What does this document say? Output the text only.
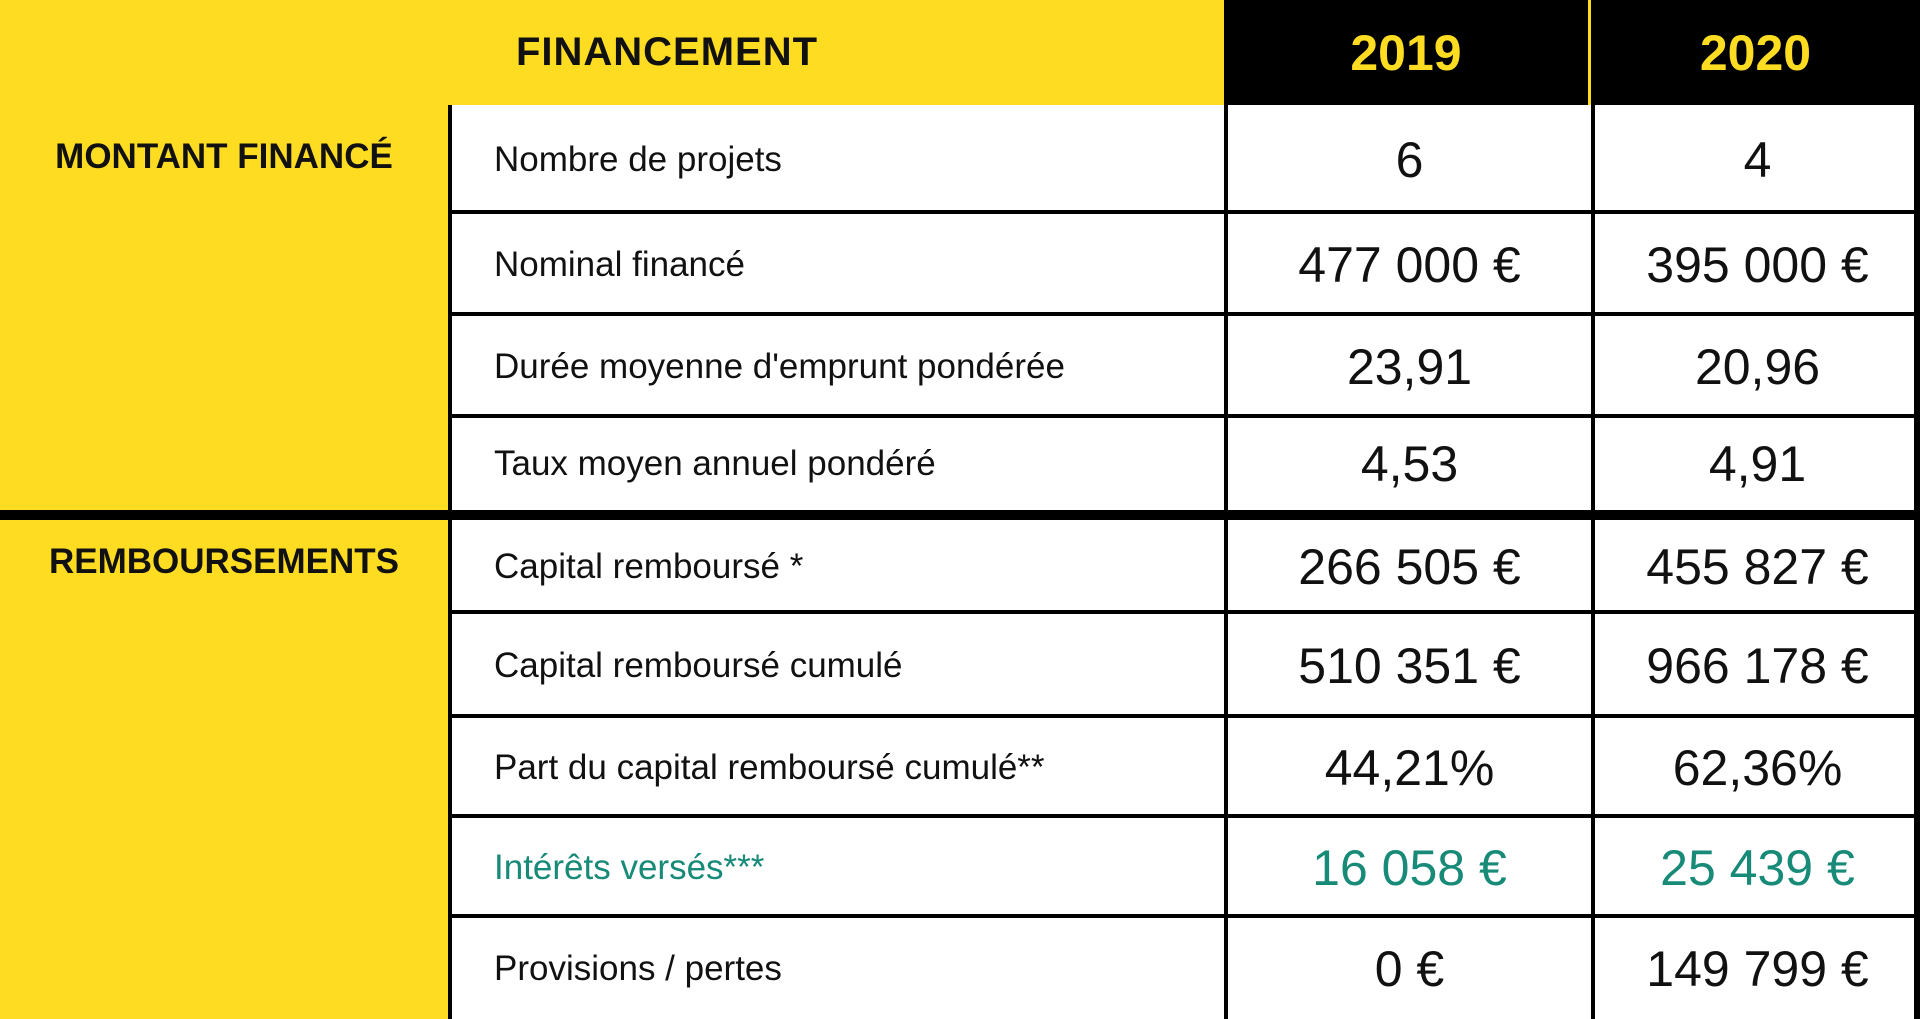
FINANCEMENT	2019	2020
MONTANT FINANCÉ
REMBOURSEMENTS
Nombre de projets	6	4
Nominal financé	477 000 €	395 000 €
Durée moyenne d'emprunt pondérée	23,91	20,96
Taux moyen annuel pondéré	4,53	4,91
Capital remboursé *	266 505 €	455 827 €
Capital remboursé cumulé	510 351 €	966 178 €
Part du capital remboursé cumulé**	44,21%	62,36%
Intérêts versés***	16 058 €	25 439 €
Provisions / pertes	0 €	149 799 €
